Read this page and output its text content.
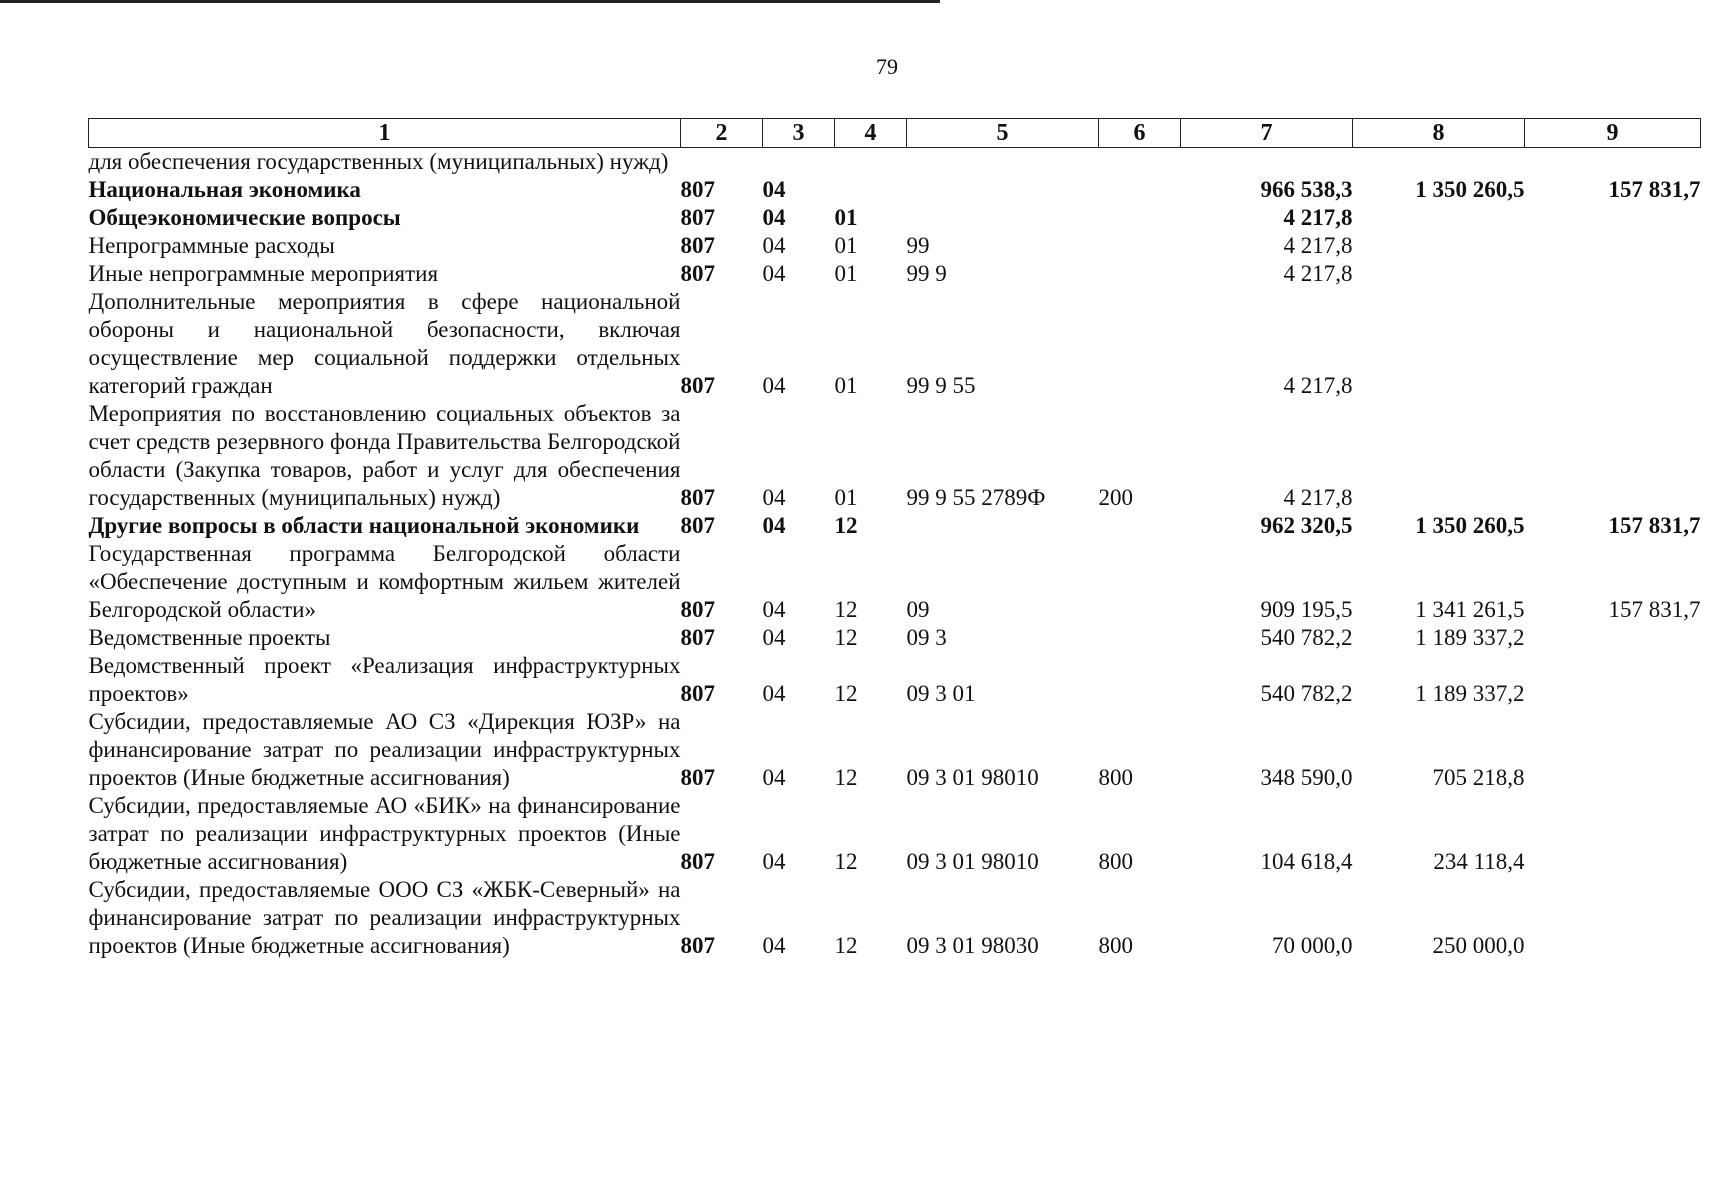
79
1	2	3	4	5	6	7	8	9
для обеспечения государственных (муниципальных) нужд)								
Национальная экономика	807	04				966 538,3	1 350 260,5	157 831,7
Общеэкономические вопросы	807	04	01			4 217,8		
Непрограммные расходы	807	04	01	99		4 217,8		
Иные непрограммные мероприятия	807	04	01	99 9		4 217,8		
Дополнительные мероприятия в сфере национальной обороны и национальной безопасности, включая осуществление мер социальной поддержки отдельных категорий граждан	807	04	01	99 9 55		4 217,8		
Мероприятия по восстановлению социальных объектов за счет средств резервного фонда Правительства Белгородской области (Закупка товаров, работ и услуг для обеспечения государственных (муниципальных) нужд)	807	04	01	99 9 55 2789Ф	200	4 217,8		
Другие вопросы в области национальной экономики	807	04	12			962 320,5	1 350 260,5	157 831,7
Государственная программа Белгородской области «Обеспечение доступным и комфортным жильем жителей Белгородской области»	807	04	12	09		909 195,5	1 341 261,5	157 831,7
Ведомственные проекты	807	04	12	09 3		540 782,2	1 189 337,2	
Ведомственный проект «Реализация инфраструктурных проектов»	807	04	12	09 3 01		540 782,2	1 189 337,2	
Субсидии, предоставляемые АО СЗ «Дирекция ЮЗР» на финансирование затрат по реализации инфраструктурных проектов (Иные бюджетные ассигнования)	807	04	12	09 3 01 98010	800	348 590,0	705 218,8	
Субсидии, предоставляемые АО «БИК» на финансирование затрат по реализации инфраструктурных проектов (Иные бюджетные ассигнования)	807	04	12	09 3 01 98010	800	104 618,4	234 118,4	
Субсидии, предоставляемые ООО СЗ «ЖБК-Северный» на финансирование затрат по реализации инфраструктурных проектов (Иные бюджетные ассигнования)	807	04	12	09 3 01 98030	800	70 000,0	250 000,0	
